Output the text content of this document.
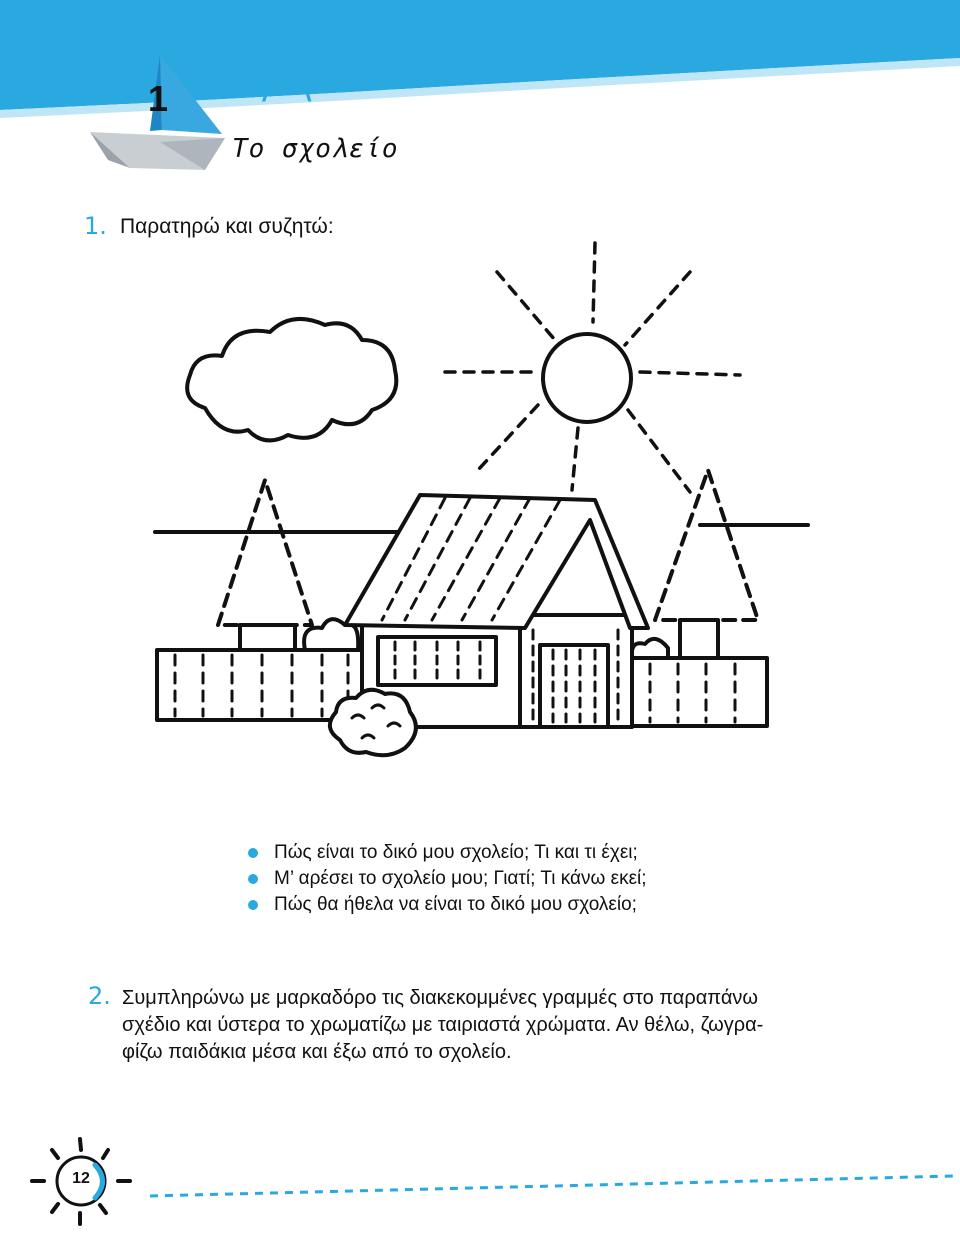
1 Ι / \
Το σχολείο
1. Παρατηρώ και συζητώ:
Πώς είναι το δικό μου σχολείο; Τι και τι έχει;
Μ’ αρέσει το σχολείο μου; Γιατί; Τι κάνω εκεί;
Πώς θα ήθελα να είναι το δικό μου σχολείο;
2. Συμπληρώνω με μαρκαδόρο τις διακεκομμένες γραμμές στο παραπάνω
σχέδιο και ύστερα το χρωματίζω με ταιριαστά χρώματα. Αν θέλω, ζωγρα-
φίζω παιδάκια μέσα και έξω από το σχολείο.
12
